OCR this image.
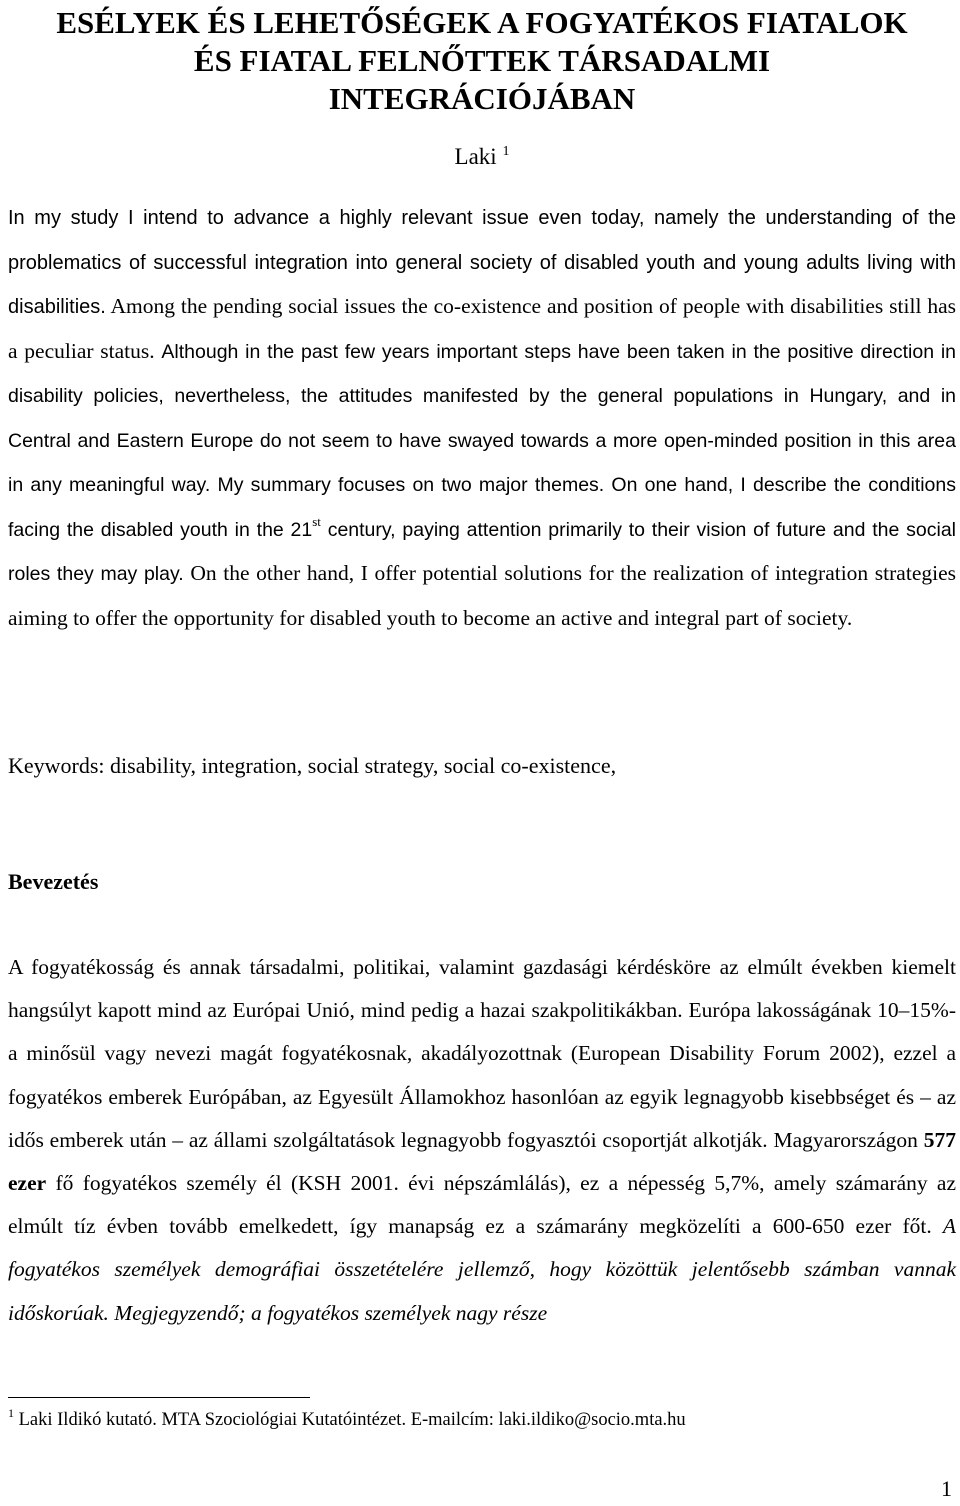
ESÉLYEK ÉS LEHETŐSÉGEK A FOGYATÉKOS FIATALOK
ÉS FIATAL FELNŐTTEK TÁRSADALMI
INTEGRÁCIÓJÁBAN
Laki $^1$

In my study I intend to advance a highly relevant issue even today, namely the understanding of the problematics of successful integration into general society of disabled youth and young adults living with disabilities. Among the pending social issues the co-existence and position of people with disabilities still has a peculiar status. Although in the past few years important steps have been taken in the positive direction in disability policies, nevertheless, the attitudes manifested by the general populations in Hungary, and in Central and Eastern Europe do not seem to have swayed towards a more open-minded position in this area in any meaningful way. My summary focuses on two major themes. On one hand, I describe the conditions facing the disabled youth in the 21st century, paying attention primarily to their vision of future and the social roles they may play. On the other hand, I offer potential solutions for the realization of integration strategies aiming to offer the opportunity for disabled youth to become an active and integral part of society.

Keywords: disability, integration, social strategy, social co-existence,
Bevezetés

A fogyatékosság és annak társadalmi, politikai, valamint gazdasági kérdésköre az elmúlt években kiemelt hangsúlyt kapott mind az Európai Unió, mind pedig a hazai szakpolitikákban. Európa lakosságának 10–15%-a minősül vagy nevezi magát fogyatékosnak, akadályozottnak (European Disability Forum 2002), ezzel a fogyatékos emberek Európában, az Egyesült Államokhoz hasonlóan az egyik legnagyobb kisebbséget és – az idős emberek után – az állami szolgáltatások legnagyobb fogyasztói csoportját alkotják. Magyarországon 577 ezer fő fogyatékos személy él (KSH 2001. évi népszámlálás), ez a népesség 5,7%, amely számarány az elmúlt tíz évben tovább emelkedett, így manapság ez a számarány megközelíti a 600-650 ezer főt. A fogyatékos személyek demográfiai összetételére jellemző, hogy közöttük jelentősebb számban vannak időskorúak. Megjegyzendő; a fogyatékos személyek nagy része

$^1$ Laki Ildikó kutató. MTA Szociológiai Kutatóintézet. E-mailcím: laki.ildiko@socio.mta.hu
1
